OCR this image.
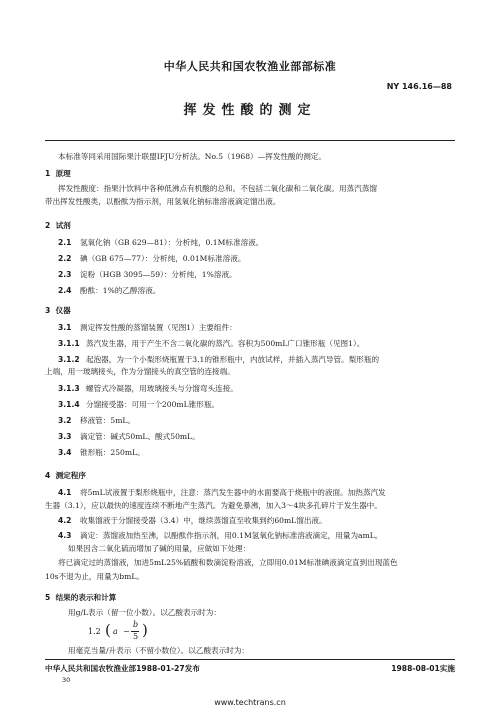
中华人民共和国农牧渔业部部标准
NY 146.16—88
挥发性酸的测定
本标准等同采用国际果汁联盟IFJU分析法。No.5（1968）—挥发性酸的测定。
1 原理
挥发性酸度：指果汁饮料中各种低沸点有机酸的总和。不包括二氧化碳和二氧化碳。用蒸汽蒸馏
带出挥发性酸类，以酚酞为指示剂，用氢氧化钠标准溶液滴定馏出液。
2 试剂
2.1 氢氧化钠（GB 629—81）：分析纯，0.1M标准溶液。
2.2 碘（GB 675—77）：分析纯，0.01M标准溶液。
2.3 淀粉（HGB 3095—59）：分析纯，1%溶液。
2.4 酚酞：1%的乙醇溶液。
3 仪器
3.1 测定挥发性酸的蒸馏装置（见图1）主要组件：
3.1.1 蒸汽发生器，用于产生不含二氧化碳的蒸汽。容积为500mL广口锥形瓶（见图1）。
3.1.2 起泡器，为一个小梨形烧瓶置于3.1的锥形瓶中，内放试样，并插入蒸汽导管。梨形瓶的
上端，用一玻璃接头，作为分馏接头的真空管的连接端。
3.1.3 螺管式冷凝器，用玻璃接头与分馏弯头连接。
3.1.4 分馏接受器：可用一个200mL锥形瓶。
3.2 移液管：5mL。
3.3 滴定管：碱式50mL、酸式50mL。
3.4 锥形瓶：250mL。
4 测定程序
4.1 将5mL试液置于梨形烧瓶中，注意：蒸汽发生器中的水面要高于烧瓶中的液面。加热蒸汽发
生器（3.1），应以最快的速度连续不断地产生蒸汽。为避免暴沸，加入3～4块多孔碎片于发生器中。
4.2 收集馏液于分馏接受器（3.4）中，继续蒸馏直至收集到约60mL馏出液。
4.3 滴定：蒸馏液加热至沸，以酚酞作指示剂，用0.1M氢氧化钠标准溶液滴定，用量为amL。
如果因含二氧化硫而增加了碱的用量，应做如下处理：
将已滴定过的蒸馏液，加进5mL25%硫酸和数滴淀粉溶液，立即用0.01M标准碘液滴定直到出现蓝色
10s不退为止，用量为bmL。
5 结果的表示和计算
用g/L表示（留一位小数）。以乙酸表示时为：
1.2 ( a −
b
5 )
用毫克当量/升表示（不留小数位）。以乙酸表示时为：
中华人民共和国农牧渔业部1988-01-27发布	1988-08-01实施
30
www.techtrans.cn
